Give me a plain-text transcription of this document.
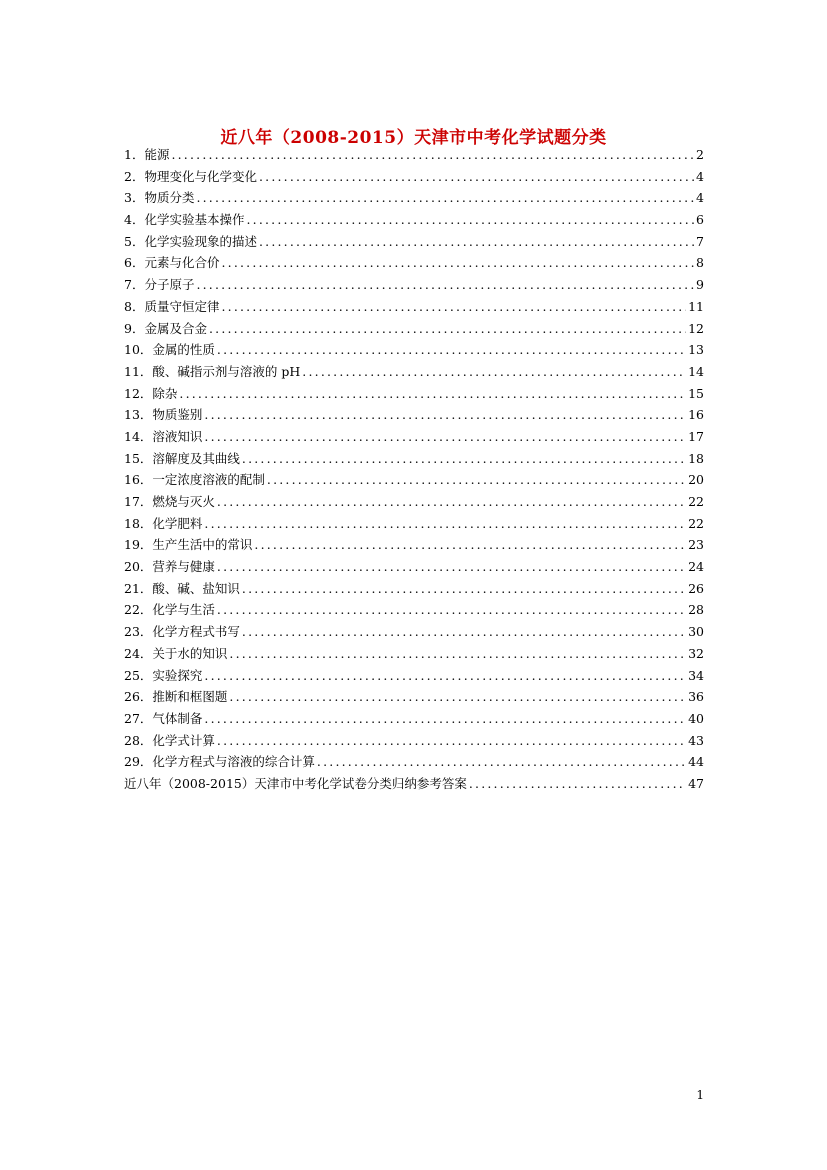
近八年（2008-2015）天津市中考化学试题分类
1．能源 .....	2
2．物理变化与化学变化 .....	4
3．物质分类 .....	4
4．化学实验基本操作 .....	6
5．化学实验现象的描述 .....	7
6．元素与化合价 .....	8
7．分子原子 .....	9
8．质量守恒定律 .....	11
9．金属及合金 .....	12
10．金属的性质 .....	13
11．酸、碱指示剂与溶液的 pH .....	14
12．除杂 .....	15
13．物质鉴别 .....	16
14．溶液知识 .....	17
15．溶解度及其曲线 .....	18
16．一定浓度溶液的配制 .....	20
17．燃烧与灭火 .....	22
18．化学肥料 .....	22
19．生产生活中的常识 .....	23
20．营养与健康 .....	24
21．酸、碱、盐知识 .....	26
22．化学与生活 .....	28
23．化学方程式书写 .....	30
24．关于水的知识 .....	32
25．实验探究 .....	34
26．推断和框图题 .....	36
27．气体制备 .....	40
28．化学式计算 .....	43
29．化学方程式与溶液的综合计算 .....	44
近八年（2008-2015）天津市中考化学试卷分类归纳参考答案 .....	47
1
